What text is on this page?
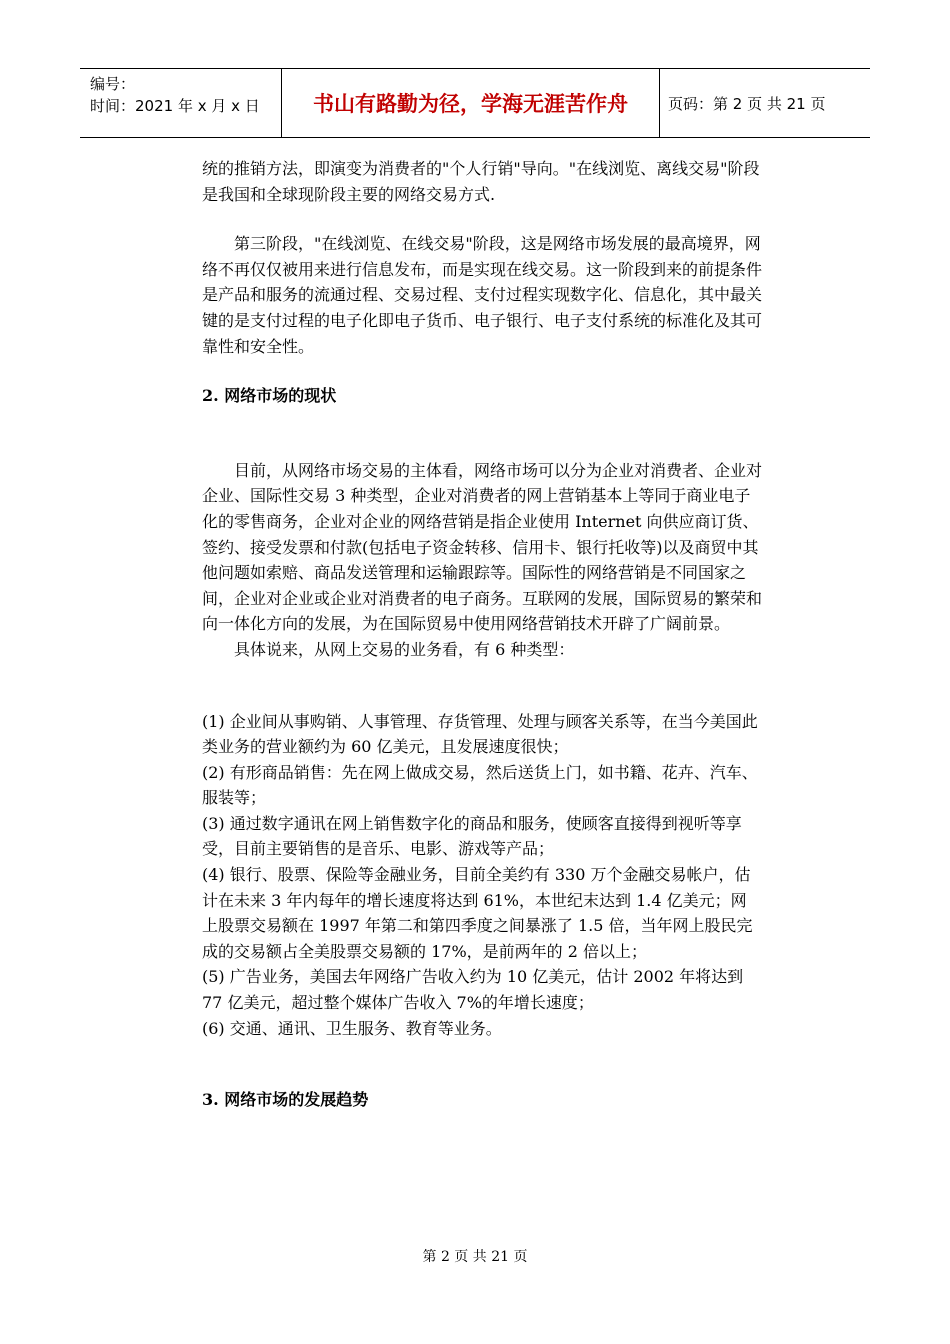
编号：
时间：2021 年 x 月 x 日	书山有路勤为径，学海无涯苦作舟	页码：第 2 页 共 21 页

统的推销方法，即演变为消费者的"个人行销"导向。"在线浏览、离线交易"阶段是我国和全球现阶段主要的网络交易方式.

第三阶段，"在线浏览、在线交易"阶段，这是网络市场发展的最高境界，网络不再仅仅被用来进行信息发布，而是实现在线交易。这一阶段到来的前提条件是产品和服务的流通过程、交易过程、支付过程实现数字化、信息化，其中最关键的是支付过程的电子化即电子货币、电子银行、电子支付系统的标准化及其可靠性和安全性。

2. 网络市场的现状

目前，从网络市场交易的主体看，网络市场可以分为企业对消费者、企业对企业、国际性交易 3 种类型，企业对消费者的网上营销基本上等同于商业电子化的零售商务，企业对企业的网络营销是指企业使用 Internet 向供应商订货、签约、接受发票和付款(包括电子资金转移、信用卡、银行托收等)以及商贸中其他问题如索赔、商品发送管理和运输跟踪等。国际性的网络营销是不同国家之间，企业对企业或企业对消费者的电子商务。互联网的发展，国际贸易的繁荣和向一体化方向的发展，为在国际贸易中使用网络营销技术开辟了广阔前景。

具体说来，从网上交易的业务看，有 6 种类型：

(1) 企业间从事购销、人事管理、存货管理、处理与顾客关系等，在当今美国此类业务的营业额约为 60 亿美元，且发展速度很快；

(2) 有形商品销售：先在网上做成交易，然后送货上门，如书籍、花卉、汽车、服装等；

(3) 通过数字通讯在网上销售数字化的商品和服务，使顾客直接得到视听等享受，目前主要销售的是音乐、电影、游戏等产品；

(4) 银行、股票、保险等金融业务，目前全美约有 330 万个金融交易帐户，估计在未来 3 年内每年的增长速度将达到 61%，本世纪末达到 1.4 亿美元；网上股票交易额在 1997 年第二和第四季度之间暴涨了 1.5 倍，当年网上股民完成的交易额占全美股票交易额的 17%，是前两年的 2 倍以上；

(5) 广告业务，美国去年网络广告收入约为 10 亿美元，估计 2002 年将达到 77 亿美元，超过整个媒体广告收入 7%的年增长速度；

(6) 交通、通讯、卫生服务、教育等业务。

3. 网络市场的发展趋势

第 2 页 共 21 页
